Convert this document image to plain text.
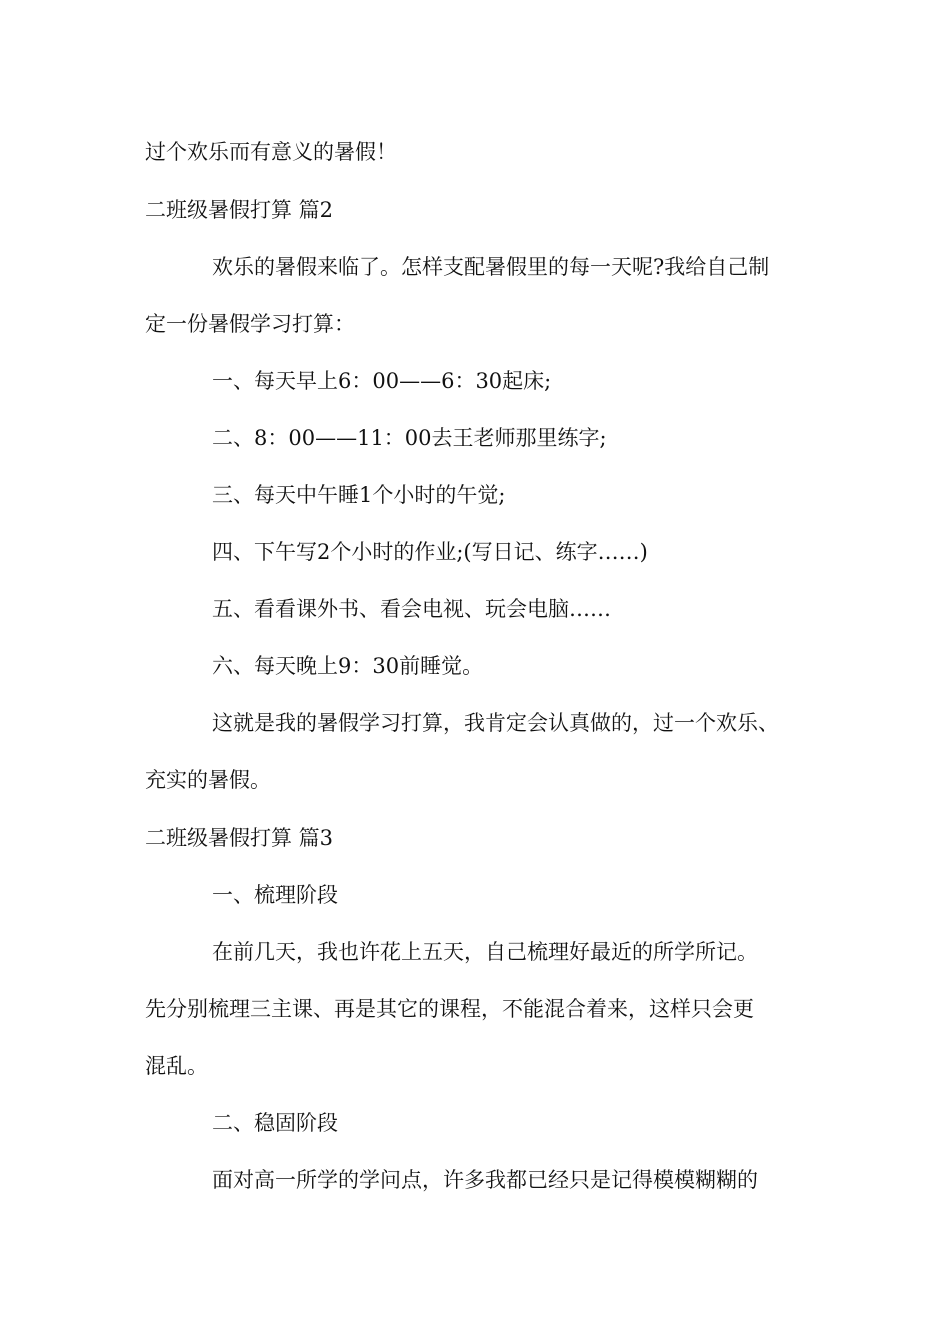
过个欢乐而有意义的暑假！

二班级暑假打算 篇2

欢乐的暑假来临了。怎样支配暑假里的每一天呢?我给自己制

定一份暑假学习打算：

一、每天早上6：00——6：30起床;

二、8：00——11：00去王老师那里练字;

三、每天中午睡1个小时的午觉;

四、下午写2个小时的作业;(写日记、练字……)

五、看看课外书、看会电视、玩会电脑……

六、每天晚上9：30前睡觉。

这就是我的暑假学习打算，我肯定会认真做的，过一个欢乐、

充实的暑假。

二班级暑假打算 篇3

一、梳理阶段

在前几天，我也许花上五天，自己梳理好最近的所学所记。

先分别梳理三主课、再是其它的课程，不能混合着来，这样只会更

混乱。

二、稳固阶段

面对高一所学的学问点，许多我都已经只是记得模模糊糊的
